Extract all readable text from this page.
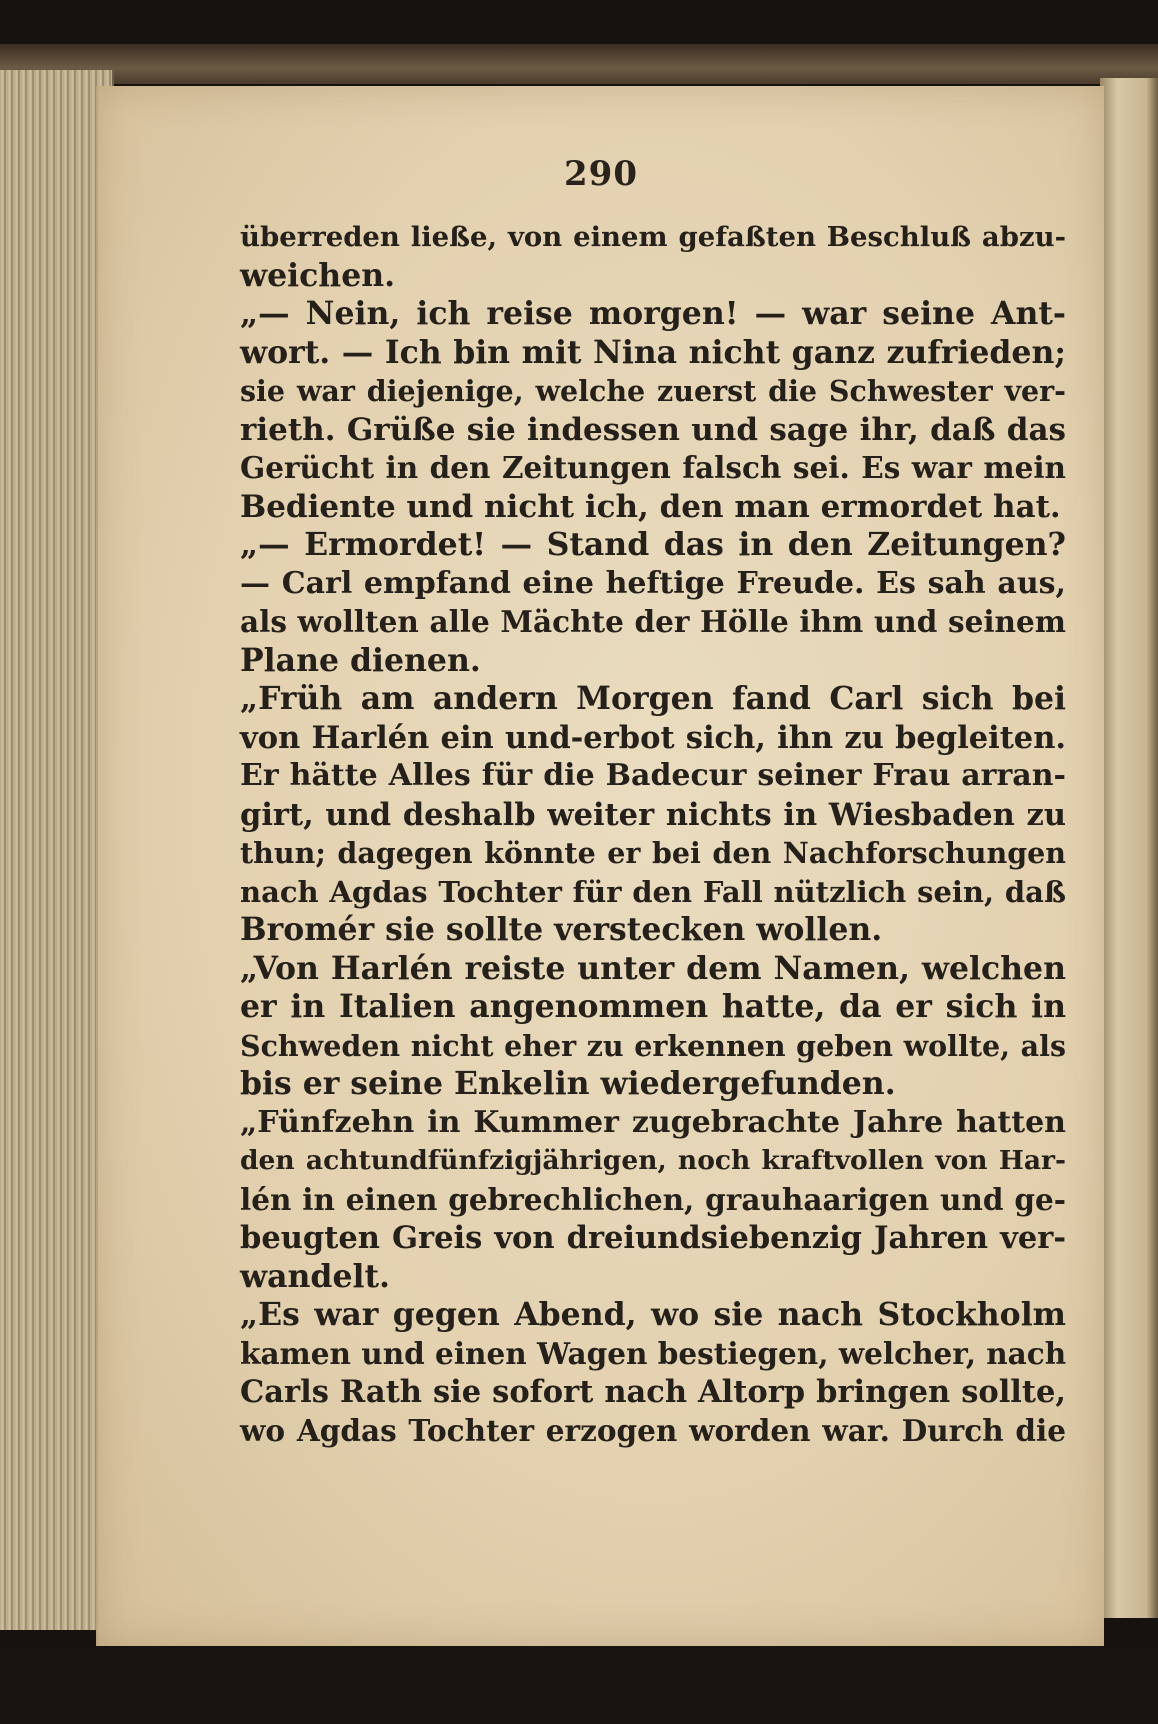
290
überreden ließe, von einem gefaßten Beschluß abzu-
weichen.
„— Nein, ich reise morgen! — war seine Ant-
wort. — Ich bin mit Nina nicht ganz zufrieden;
sie war diejenige, welche zuerst die Schwester ver-
rieth. Grüße sie indessen und sage ihr, daß das
Gerücht in den Zeitungen falsch sei. Es war mein
Bediente und nicht ich, den man ermordet hat.
„— Ermordet! — Stand das in den Zeitungen?
— Carl empfand eine heftige Freude. Es sah aus,
als wollten alle Mächte der Hölle ihm und seinem
Plane dienen.
„Früh am andern Morgen fand Carl sich bei
von Harlén ein und-erbot sich, ihn zu begleiten.
Er hätte Alles für die Badecur seiner Frau arran-
girt, und deshalb weiter nichts in Wiesbaden zu
thun; dagegen könnte er bei den Nachforschungen
nach Agdas Tochter für den Fall nützlich sein, daß
Bromér sie sollte verstecken wollen.
„Von Harlén reiste unter dem Namen, welchen
er in Italien angenommen hatte, da er sich in
Schweden nicht eher zu erkennen geben wollte, als
bis er seine Enkelin wiedergefunden.
„Fünfzehn in Kummer zugebrachte Jahre hatten
den achtundfünfzigjährigen, noch kraftvollen von Har-
lén in einen gebrechlichen, grauhaarigen und ge-
beugten Greis von dreiundsiebenzig Jahren ver-
wandelt.
„Es war gegen Abend, wo sie nach Stockholm
kamen und einen Wagen bestiegen, welcher, nach
Carls Rath sie sofort nach Altorp bringen sollte,
wo Agdas Tochter erzogen worden war. Durch die
